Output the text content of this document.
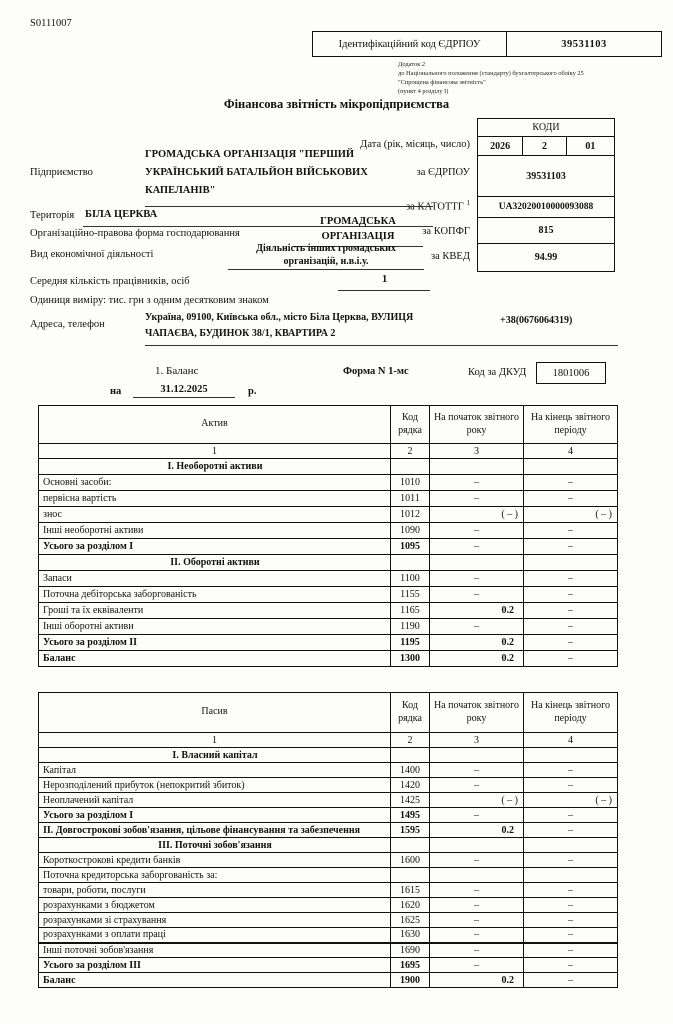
S0111007
Ідентифікаційний код ЄДРПОУ	39531103
Додаток 2
до Національного положення (стандарту) бухгалтерського обліку 25
"Спрощена фінансова звітність"
(пункт 4 розділу I)
Фінансова звітність мікропідприємства
КОДИ
2026	2	01
39531103
UA32020010000093088
815
94.99
Дата (рік, місяць, число)
за ЄДРПОУ
за КАТОТТГ $^1$
за КОПФГ
за КВЕД
Підприємство
ГРОМАДСЬКА ОРГАНІЗАЦІЯ "ПЕРШИЙ
УКРАЇНСЬКИЙ БАТАЛЬЙОН ВІЙСЬКОВИХ
КАПЕЛАНІВ"
Територія БІЛА ЦЕРКВА
Організаційно-правова форма господарювання
ГРОМАДСЬКА ОРГАНІЗАЦІЯ
Вид економічної діяльності
Діяльність інших громадських організацій, н.в.і.у.
Середня кількість працівників, осіб	1
Одиниця виміру: тис. грн з одним десятковим знаком
Адреса, телефон
Україна, 09100, Київська обл., місто Біла Церква, ВУЛИЦЯ
ЧАПАЄВА, БУДИНОК 38/1, КВАРТИРА 2
+38(0676064319)
1. Баланс	Форма N 1-мс	Код за ДКУД	1801006
на	31.12.2025	р.
Актив	Код рядка	На початок звітного року	На кінець звітного періоду
1	2	3	4
I. Необоротні активи			
Основні засоби:	1010	–	–
первісна вартість	1011	–	–
знос	1012	( – )	( – )
Інші необоротні активи	1090	–	–
Усього за розділом I	1095	–	–
II. Оборотні активи			
Запаси	1100	–	–
Поточна дебіторська заборгованість	1155	–	–
Гроші та їх еквіваленти	1165	0.2	–
Інші оборотні активи	1190	–	–
Усього за розділом II	1195	0.2	–
Баланс	1300	0.2	–
Пасив	Код рядка	На початок звітного року	На кінець звітного періоду
1	2	3	4
I. Власний капітал			
Капітал	1400	–	–
Нерозподілений прибуток (непокритий збиток)	1420	–	–
Неоплачений капітал	1425	( – )	( – )
Усього за розділом I	1495	–	–
II. Довгострокові зобов'язання, цільове фінансування та забезпечення	1595	0.2	–
III. Поточні зобов'язання			
Короткострокові кредити банків	1600	–	–
Поточна кредиторська заборгованість за:			
товари, роботи, послуги	1615	–	–
розрахунками з бюджетом	1620	–	–
розрахунками зі страхування	1625	–	–
розрахунками з оплати праці	1630	–	–
Інші поточні зобов'язання	1690	–	–
Усього за розділом III	1695	–	–
Баланс	1900	0.2	–
